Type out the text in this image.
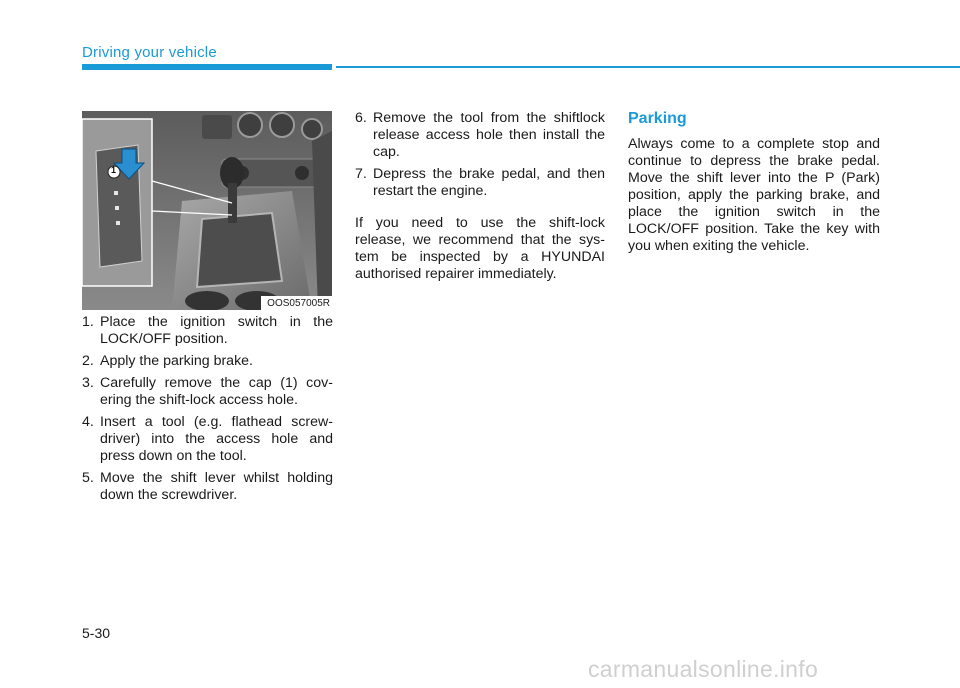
Driving your vehicle
1
OOS057005R
1. Place the ignition switch in the LOCK/OFF position.
2. Apply the parking brake.
3. Carefully remove the cap (1) cov-ering the shift-lock access hole.
4. Insert a tool (e.g. flathead screw-driver) into the access hole and press down on the tool.
5. Move the shift lever whilst holding down the screwdriver.
6. Remove the tool from the shiftlock release access hole then install the cap.
7. Depress the brake pedal, and then restart the engine.

If you need to use the shift-lock release, we recommend that the sys-tem be inspected by a HYUNDAI authorised repairer immediately.

Parking

Always come to a complete stop and continue to depress the brake pedal. Move the shift lever into the P (Park) position, apply the parking brake, and place the ignition switch in the LOCK/OFF position. Take the key with you when exiting the vehicle.

5-30
carmanualsonline.info
